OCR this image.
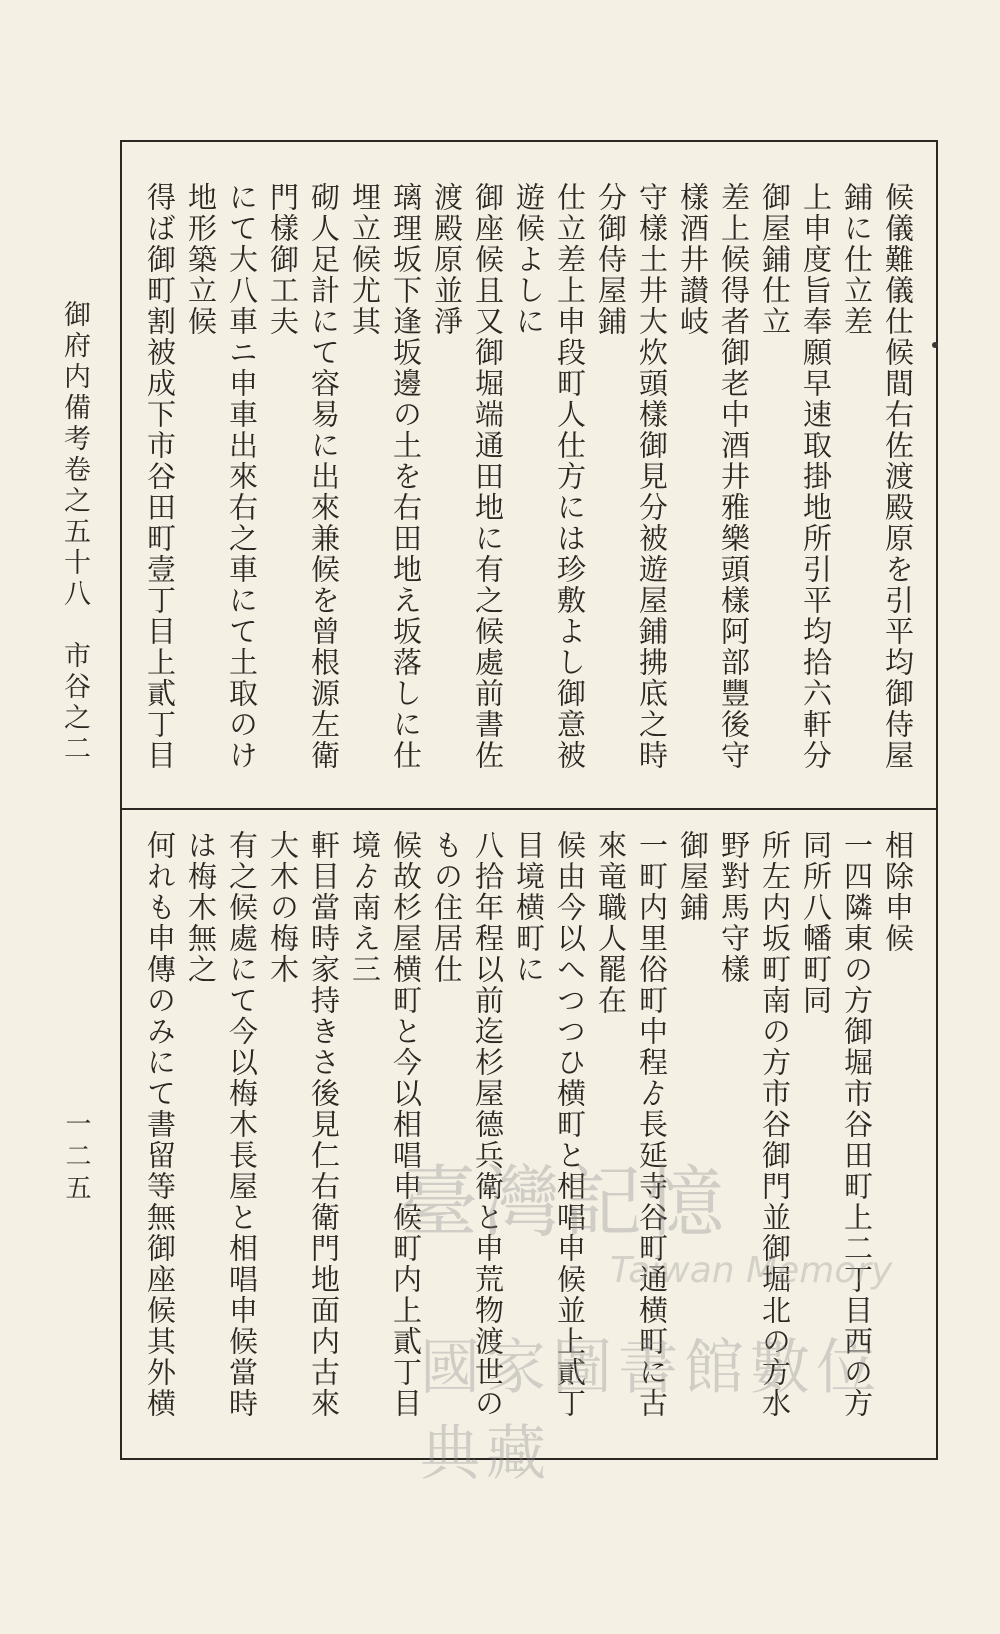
御府内備考卷之五十八　市谷之二
一二五

候儀難儀仕候間右佐渡殿原を引平均御侍屋鋪に仕立差

上申度旨奉願早速取掛地所引平均拾六軒分御屋鋪仕立

差上候得者御老中酒井雅樂頭樣阿部豐後守樣酒井讃岐

守樣土井大炊頭樣御見分被遊屋鋪拂底之時分御侍屋鋪

仕立差上申段町人仕方には珍敷よし御意被遊候よしに

御座候且又御堀端通田地に有之候處前書佐渡殿原並淨

璃理坂下逢坂邊の土を右田地え坂落しに仕埋立候尤其

砌人足計にて容易に出來兼候を曾根源左衛門樣御工夫

にて大八車ニ申車出來右之車にて土取のけ地形築立候

得ば御町割被成下市谷田町壹丁目上貳丁目

相除申候

一四隣東の方御堀市谷田町上二丁目西の方同所八幡町同

所左内坂町南の方市谷御門並御堀北の方水野對馬守樣

御屋鋪

一町内里俗町中程ゟ長延寺谷町通横町に古來竜職人罷在

候由今以へつつひ横町と相唱申候並上貳丁目境横町に

八拾年程以前迄杉屋德兵衛と申荒物渡世のもの住居仕

候故杉屋横町と今以相唱申候町内上貳丁目境ゟ南え三

軒目當時家持きさ後見仁右衛門地面内古來大木の梅木

有之候處にて今以梅木長屋と相唱申候當時は梅木無之

何れも申傳のみにて書留等無御座候其外横

臺灣記憶
Taiwan Memory
國家圖書館數位典藏
